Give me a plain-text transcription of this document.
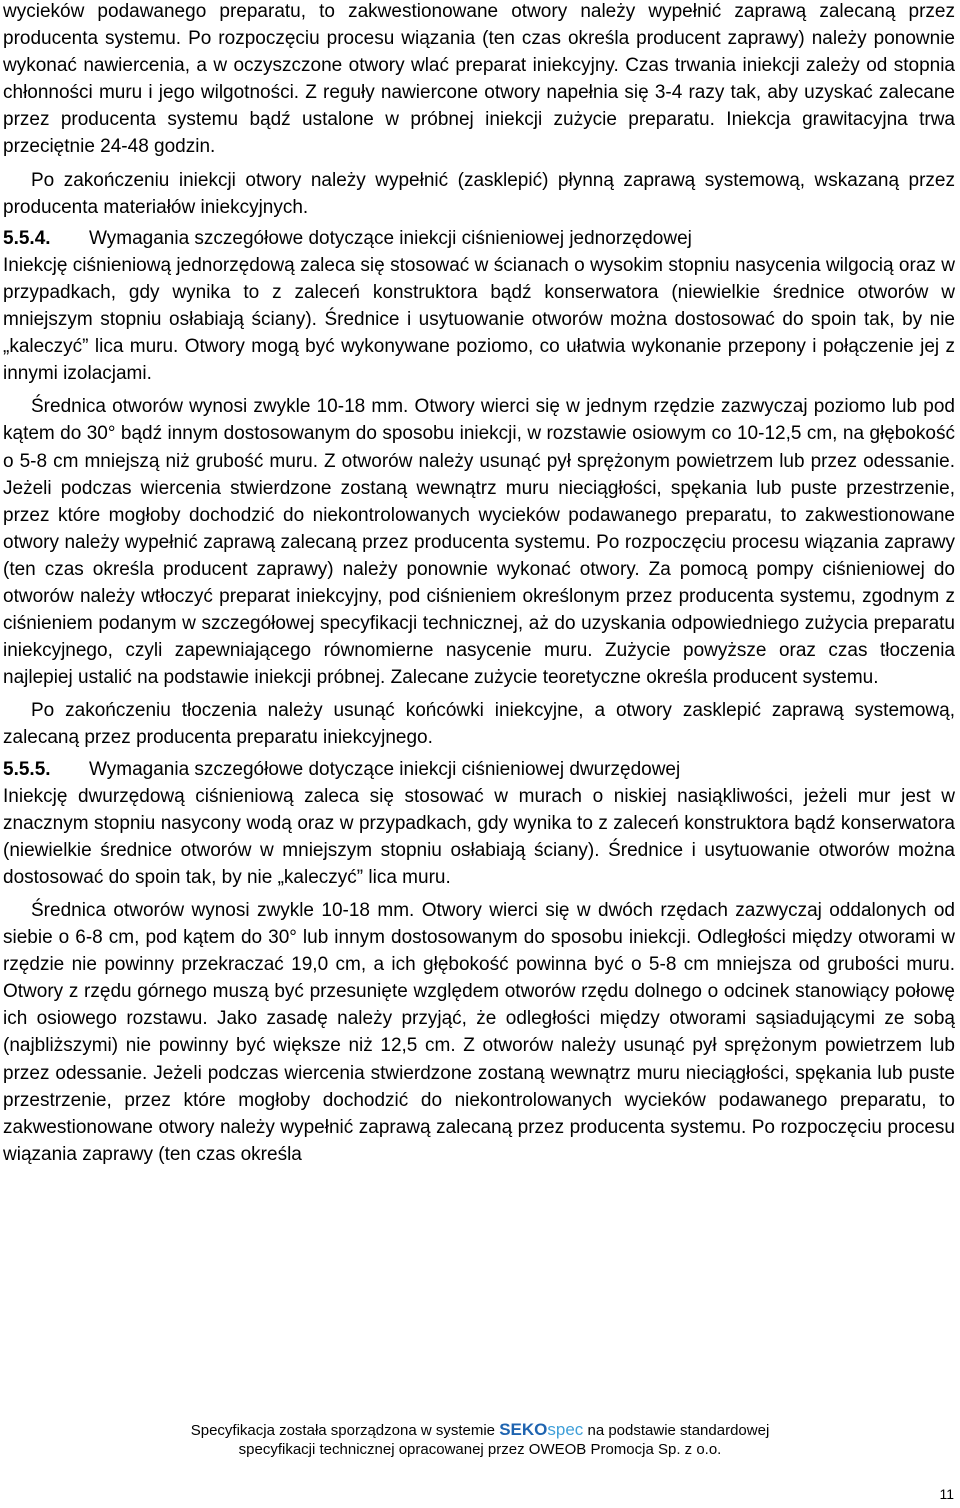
wycieków podawanego preparatu, to zakwestionowane otwory należy wypełnić zaprawą zalecaną przez producenta systemu. Po rozpoczęciu procesu wiązania (ten czas określa producent zaprawy) należy ponownie wykonać nawiercenia, a w oczyszczone otwory wlać preparat iniekcyjny. Czas trwania iniekcji zależy od stopnia chłonności muru i jego wilgotności. Z reguły nawiercone otwory napełnia się 3-4 razy tak, aby uzyskać zalecane przez producenta systemu bądź ustalone w próbnej iniekcji zużycie preparatu. Iniekcja grawitacyjna trwa przeciętnie 24-48 godzin.

Po zakończeniu iniekcji otwory należy wypełnić (zasklepić) płynną zaprawą systemową, wskazaną przez producenta materiałów iniekcyjnych.

5.5.4.	Wymagania szczegółowe dotyczące iniekcji ciśnieniowej jednorzędowej

Iniekcję ciśnieniową jednorzędową zaleca się stosować w ścianach o wysokim stopniu nasycenia wilgocią oraz w przypadkach, gdy wynika to z zaleceń konstruktora bądź konserwatora (niewielkie średnice otworów w mniejszym stopniu osłabiają ściany). Średnice i usytuowanie otworów można dostosować do spoin tak, by nie „kaleczyć” lica muru. Otwory mogą być wykonywane poziomo, co ułatwia wykonanie przepony i połączenie jej z innymi izolacjami.

Średnica otworów wynosi zwykle 10-18 mm. Otwory wierci się w jednym rzędzie zazwyczaj poziomo lub pod kątem do 30° bądź innym dostosowanym do sposobu iniekcji, w rozstawie osiowym co 10-12,5 cm, na głębokość o 5-8 cm mniejszą niż grubość muru. Z otworów należy usunąć pył sprężonym powietrzem lub przez odessanie. Jeżeli podczas wiercenia stwierdzone zostaną wewnątrz muru nieciągłości, spękania lub puste przestrzenie, przez które mogłoby dochodzić do niekontrolowanych wycieków podawanego preparatu, to zakwestionowane otwory należy wypełnić zaprawą zalecaną przez producenta systemu. Po rozpoczęciu procesu wiązania zaprawy (ten czas określa producent zaprawy) należy ponownie wykonać otwory. Za pomocą pompy ciśnieniowej do otworów należy wtłoczyć preparat iniekcyjny, pod ciśnieniem określonym przez producenta systemu, zgodnym z ciśnieniem podanym w szczegółowej specyfikacji technicznej, aż do uzyskania odpowiedniego zużycia preparatu iniekcyjnego, czyli zapewniającego równomierne nasycenie muru. Zużycie powyższe oraz czas tłoczenia najlepiej ustalić na podstawie iniekcji próbnej. Zalecane zużycie teoretyczne określa producent systemu.

Po zakończeniu tłoczenia należy usunąć końcówki iniekcyjne, a otwory zasklepić zaprawą systemową, zalecaną przez producenta preparatu iniekcyjnego.

5.5.5.	Wymagania szczegółowe dotyczące iniekcji ciśnieniowej dwurzędowej

Iniekcję dwurzędową ciśnieniową zaleca się stosować w murach o niskiej nasiąkliwości, jeżeli mur jest w znacznym stopniu nasycony wodą oraz w przypadkach, gdy wynika to z zaleceń konstruktora bądź konserwatora (niewielkie średnice otworów w mniejszym stopniu osłabiają ściany). Średnice i usytuowanie otworów można dostosować do spoin tak, by nie „kaleczyć” lica muru.

Średnica otworów wynosi zwykle 10-18 mm. Otwory wierci się w dwóch rzędach zazwyczaj oddalonych od siebie o 6-8 cm, pod kątem do 30° lub innym dostosowanym do sposobu iniekcji. Odległości między otworami w rzędzie nie powinny przekraczać 19,0 cm, a ich głębokość powinna być o 5-8 cm mniejsza od grubości muru. Otwory z rzędu górnego muszą być przesunięte względem otworów rzędu dolnego o odcinek stanowiący połowę ich osiowego rozstawu. Jako zasadę należy przyjąć, że odległości między otworami sąsiadującymi ze sobą (najbliższymi) nie powinny być większe niż 12,5 cm. Z otworów należy usunąć pył sprężonym powietrzem lub przez odessanie. Jeżeli podczas wiercenia stwierdzone zostaną wewnątrz muru nieciągłości, spękania lub puste przestrzenie, przez które mogłoby dochodzić do niekontrolowanych wycieków podawanego preparatu, to zakwestionowane otwory należy wypełnić zaprawą zalecaną przez producenta systemu. Po rozpoczęciu procesu wiązania zaprawy (ten czas określa

Specyfikacja została sporządzona w systemie SEKOspec na podstawie standardowej
specyfikacji technicznej opracowanej przez OWEOB Promocja Sp. z o.o.
11
